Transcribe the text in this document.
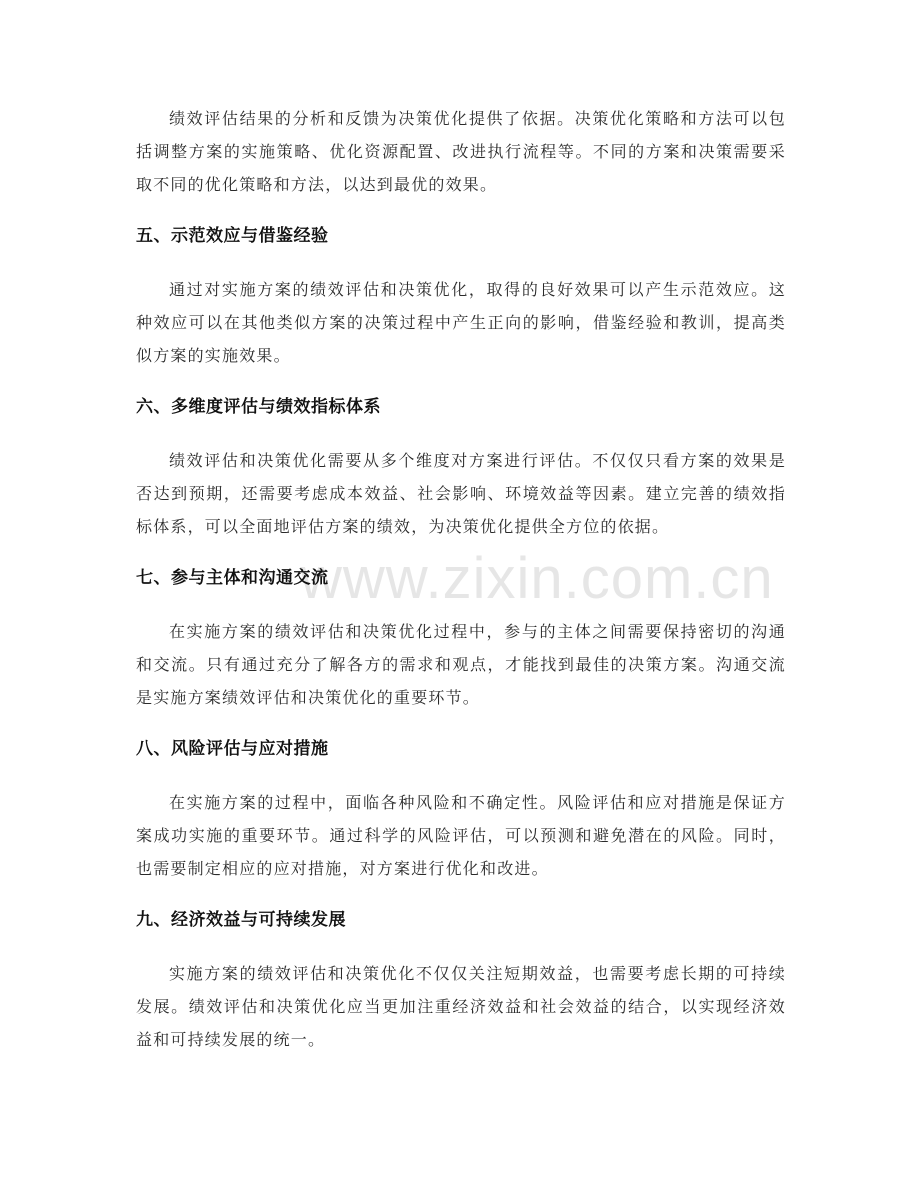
www.zixin.com.cn

绩效评估结果的分析和反馈为决策优化提供了依据。决策优化策略和方法可以包括调整方案的实施策略、优化资源配置、改进执行流程等。不同的方案和决策需要采取不同的优化策略和方法，以达到最优的效果。

五、示范效应与借鉴经验

通过对实施方案的绩效评估和决策优化，取得的良好效果可以产生示范效应。这种效应可以在其他类似方案的决策过程中产生正向的影响，借鉴经验和教训，提高类似方案的实施效果。

六、多维度评估与绩效指标体系

绩效评估和决策优化需要从多个维度对方案进行评估。不仅仅只看方案的效果是否达到预期，还需要考虑成本效益、社会影响、环境效益等因素。建立完善的绩效指标体系，可以全面地评估方案的绩效，为决策优化提供全方位的依据。

七、参与主体和沟通交流

在实施方案的绩效评估和决策优化过程中，参与的主体之间需要保持密切的沟通和交流。只有通过充分了解各方的需求和观点，才能找到最佳的决策方案。沟通交流是实施方案绩效评估和决策优化的重要环节。

八、风险评估与应对措施

在实施方案的过程中，面临各种风险和不确定性。风险评估和应对措施是保证方案成功实施的重要环节。通过科学的风险评估，可以预测和避免潜在的风险。同时，也需要制定相应的应对措施，对方案进行优化和改进。

九、经济效益与可持续发展

实施方案的绩效评估和决策优化不仅仅关注短期效益，也需要考虑长期的可持续发展。绩效评估和决策优化应当更加注重经济效益和社会效益的结合，以实现经济效益和可持续发展的统一。
